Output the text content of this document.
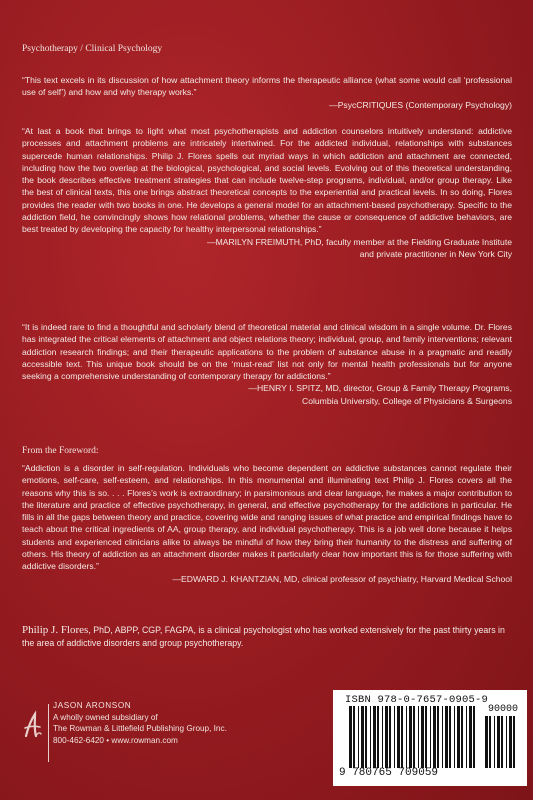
Psychotherapy / Clinical Psychology

“This text excels in its discussion of how attachment theory informs the therapeutic alliance (what some would call ‘professional use of self’) and how and why therapy works.”

—PsycCRITIQUES (Contemporary Psychology)

“At last a book that brings to light what most psychotherapists and addiction counselors intuitively understand: addictive processes and attachment problems are intricately intertwined. For the addicted individual, relationships with substances supercede human relationships. Philip J. Flores spells out myriad ways in which addiction and attachment are connected, including how the two overlap at the biological, psychological, and social levels. Evolving out of this theoretical understanding, the book describes effective treatment strategies that can include twelve-step programs, individual, and/or group therapy. Like the best of clinical texts, this one brings abstract theoretical concepts to the experiential and practical levels. In so doing, Flores provides the reader with two books in one. He develops a general model for an attachment-based psychotherapy. Specific to the addiction field, he convincingly shows how relational problems, whether the cause or consequence of addictive behaviors, are best treated by developing the capacity for healthy interpersonal relationships.”

—MARILYN FREIMUTH, PhD, faculty member at the Fielding Graduate Institute

and private practitioner in New York City

“It is indeed rare to find a thoughtful and scholarly blend of theoretical material and clinical wisdom in a single volume. Dr. Flores has integrated the critical elements of attachment and object relations theory; individual, group, and family interventions; relevant addiction research findings; and their therapeutic applications to the problem of substance abuse in a pragmatic and readily accessible text. This unique book should be on the ‘must-read’ list not only for mental health professionals but for anyone seeking a comprehensive understanding of contemporary therapy for addictions.”

—HENRY I. SPITZ, MD, director, Group & Family Therapy Programs,

Columbia University, College of Physicians & Surgeons

From the Foreword:

“Addiction is a disorder in self-regulation. Individuals who become dependent on addictive substances cannot regulate their emotions, self-care, self-esteem, and relationships. In this monumental and illuminating text Philip J. Flores covers all the reasons why this is so. . . . Flores’s work is extraordinary; in parsimonious and clear language, he makes a major contribution to the literature and practice of effective psychotherapy, in general, and effective psychotherapy for the addictions in particular. He fills in all the gaps between theory and practice, covering wide and ranging issues of what practice and empirical findings have to teach about the critical ingredients of AA, group therapy, and individual psychotherapy. This is a job well done because it helps students and experienced clinicians alike to always be mindful of how they bring their humanity to the distress and suffering of others. His theory of addiction as an attachment disorder makes it particularly clear how important this is for those suffering with addictive disorders.”

—EDWARD J. KHANTZIAN, MD, clinical professor of psychiatry, Harvard Medical School

Philip J. Flores, PhD, ABPP, CGP, FAGPA, is a clinical psychologist who has worked extensively for the past thirty years in the area of addictive disorders and group psychotherapy.
JASON ARONSON
A wholly owned subsidiary of
The Rowman & Littlefield Publishing Group, Inc.
800-462-6420 • www.rowman.com
ISBN 978-0-7657-0905-9
90000
9 780765 709059
